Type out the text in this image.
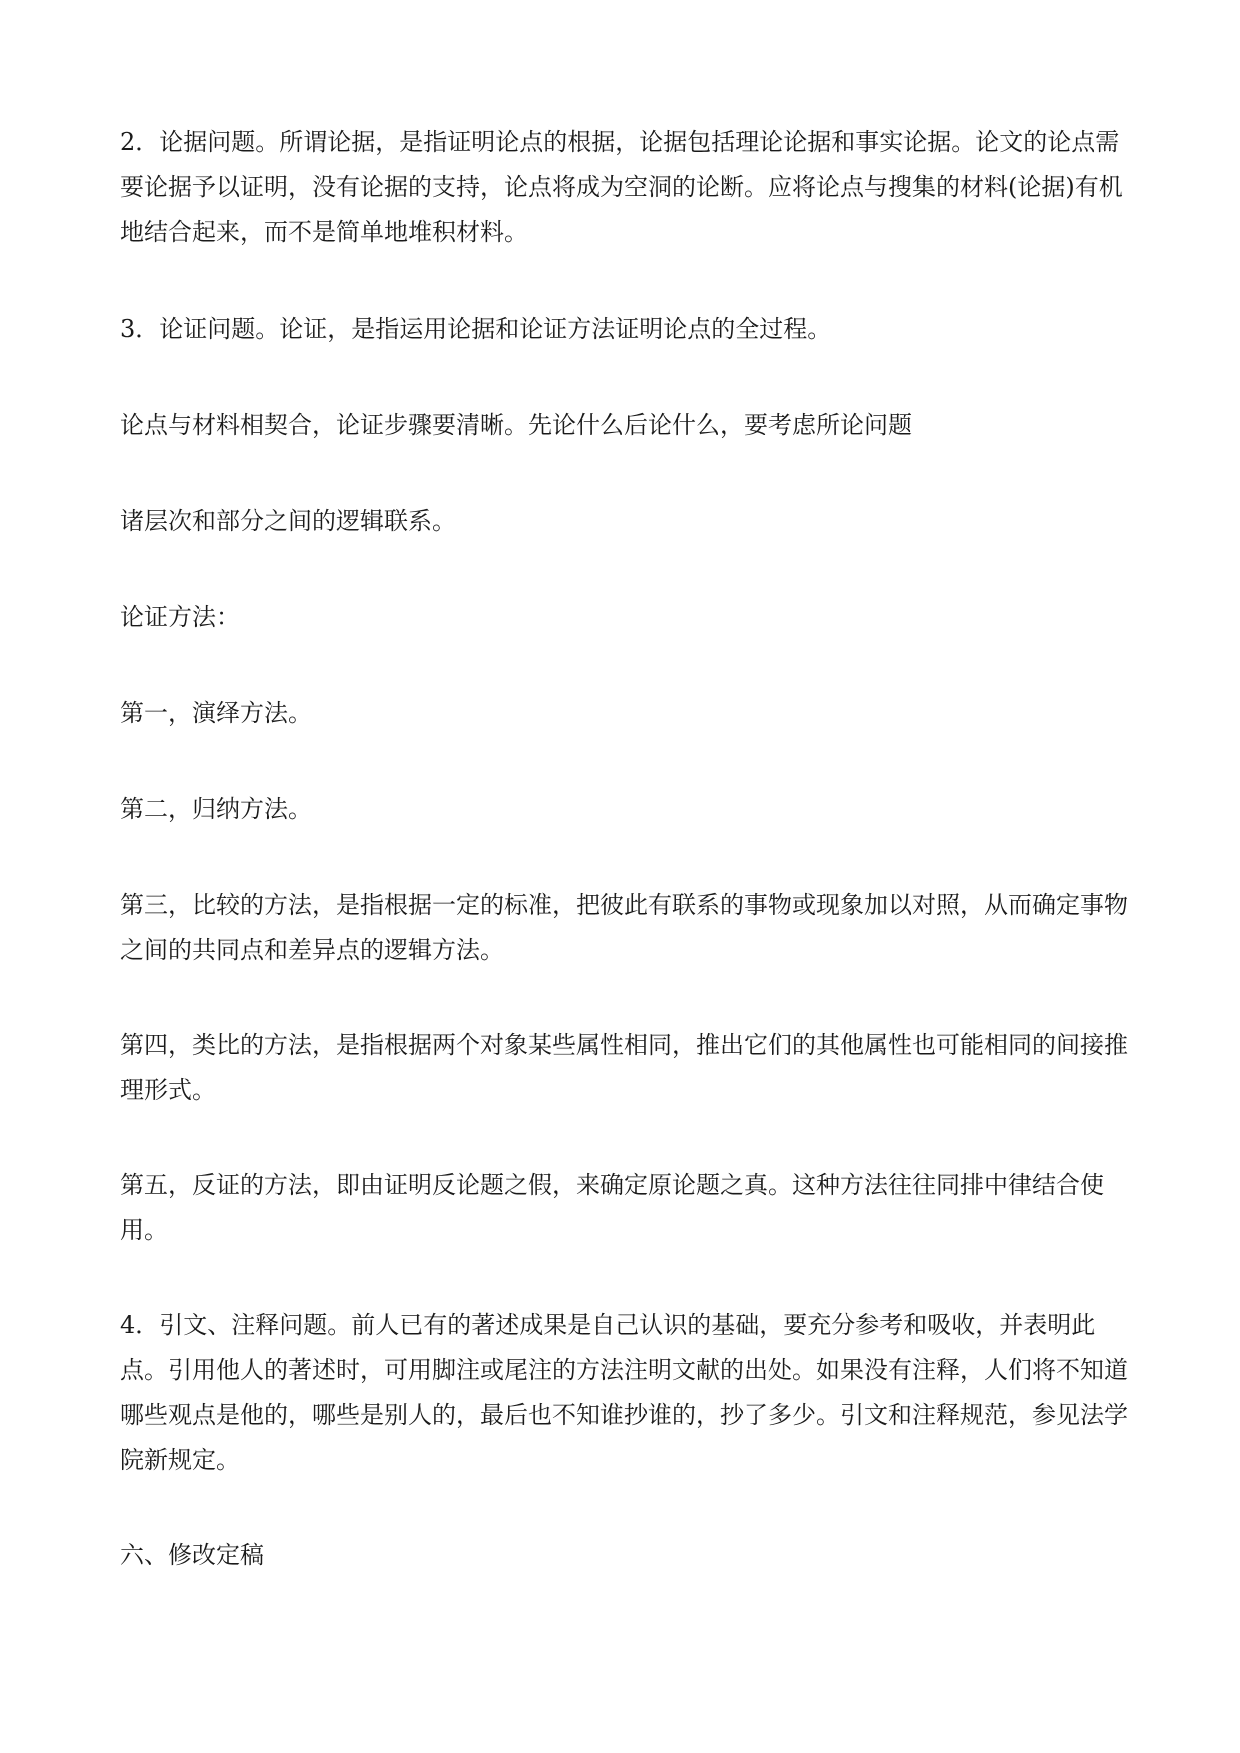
2．论据问题。所谓论据，是指证明论点的根据，论据包括理论论据和事实论据。论文的论点需要论据予以证明，没有论据的支持，论点将成为空洞的论断。应将论点与搜集的材料(论据)有机地结合起来，而不是简单地堆积材料。

3．论证问题。论证，是指运用论据和论证方法证明论点的全过程。

论点与材料相契合，论证步骤要清晰。先论什么后论什么，要考虑所论问题

诸层次和部分之间的逻辑联系。

论证方法：

第一，演绎方法。

第二，归纳方法。

第三，比较的方法，是指根据一定的标准，把彼此有联系的事物或现象加以对照，从而确定事物之间的共同点和差异点的逻辑方法。

第四，类比的方法，是指根据两个对象某些属性相同，推出它们的其他属性也可能相同的间接推理形式。

第五，反证的方法，即由证明反论题之假，来确定原论题之真。这种方法往往同排中律结合使用。

4．引文、注释问题。前人已有的著述成果是自己认识的基础，要充分参考和吸收，并表明此点。引用他人的著述时，可用脚注或尾注的方法注明文献的出处。如果没有注释，人们将不知道哪些观点是他的，哪些是别人的，最后也不知谁抄谁的，抄了多少。引文和注释规范，参见法学院新规定。

六、修改定稿
